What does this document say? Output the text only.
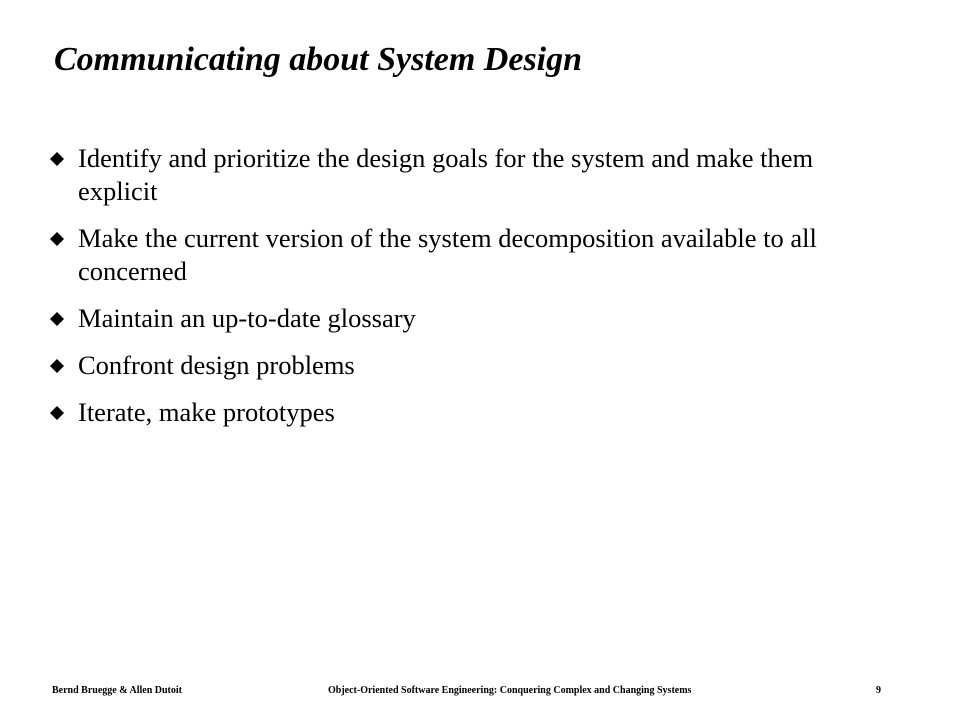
Communicating about System Design
Identify and prioritize the design goals for the system and make them explicit
Make the current version of the system decomposition available to all concerned
Maintain an up-to-date glossary
Confront design problems
Iterate, make prototypes
Bernd Bruegge & Allen Dutoit	Object-Oriented Software Engineering: Conquering Complex and Changing Systems	9
